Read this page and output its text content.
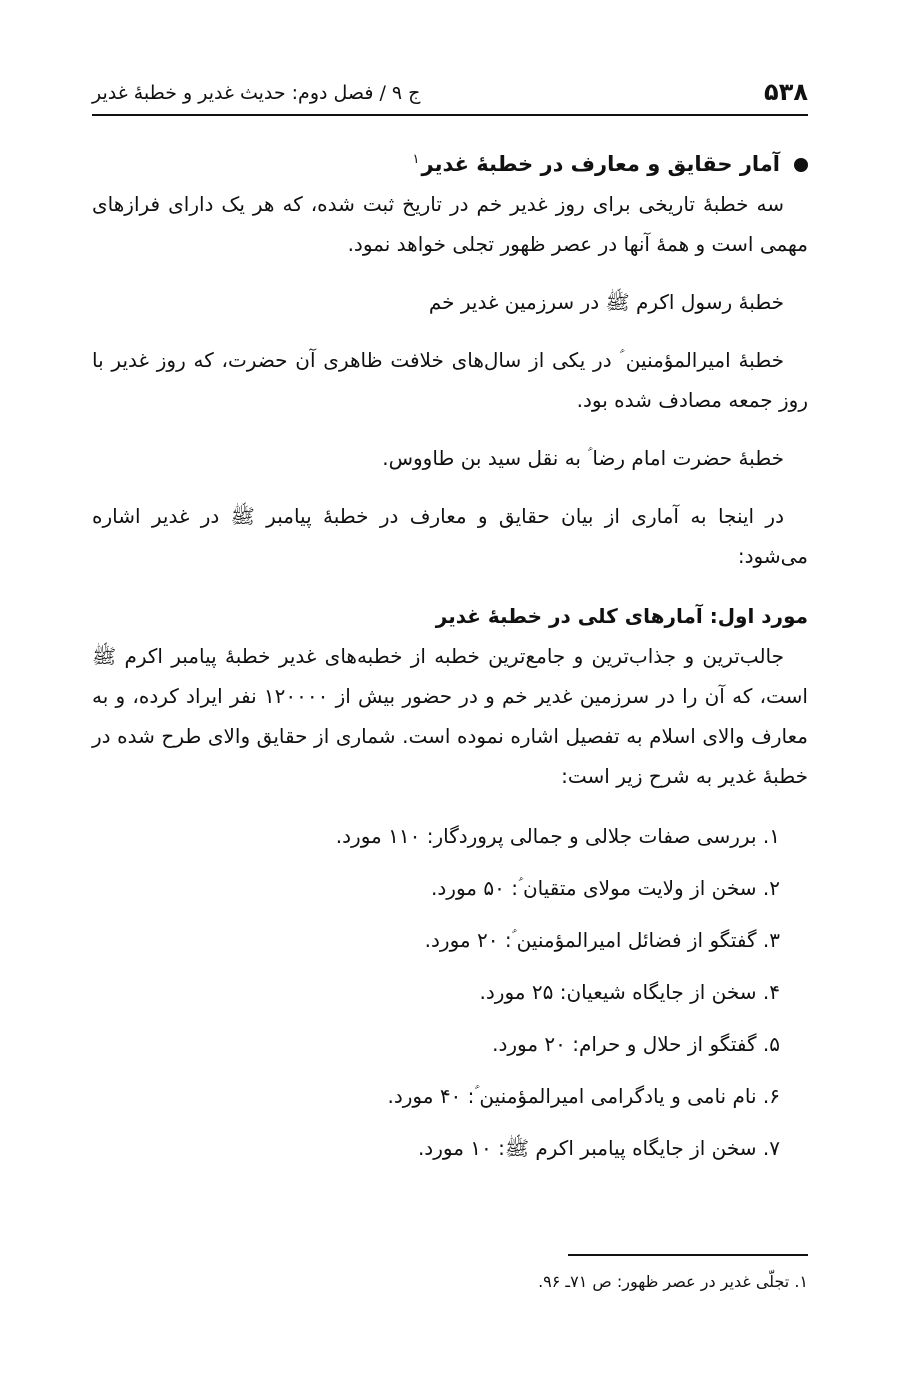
۵۳۸
ج ۹ / فصل دوم: حدیث غدیر و خطبهٔ غدیر
آمار حقایق و معارف در خطبهٔ غدیر$^۱$

سه خطبهٔ تاریخی برای روز غدیر خم در تاریخ ثبت شده، که هر یک دارای فرازهای مهمی است و همهٔ آنها در عصر ظهور تجلی خواهد نمود.

خطبهٔ رسول اکرم ﷺ در سرزمین غدیر خم

خطبهٔ امیرالمؤمنین ؑ در یکی از سال‌های خلافت ظاهری آن حضرت، که روز غدیر با روز جمعه مصادف شده بود.

خطبهٔ حضرت امام رضا ؑ به نقل سید بن طاووس.

در اینجا به آماری از بیان حقایق و معارف در خطبهٔ پیامبر ﷺ در غدیر اشاره می‌شود:

مورد اول: آمارهای کلی در خطبهٔ غدیر

جالب‌ترین و جذاب‌ترین و جامع‌ترین خطبه از خطبه‌های غدیر خطبهٔ پیامبر اکرم ﷺ است، که آن را در سرزمین غدیر خم و در حضور بیش از ۱۲۰۰۰۰ نفر ایراد کرده، و به معارف والای اسلام به تفصیل اشاره نموده است. شماری از حقایق والای طرح شده در خطبهٔ غدیر به شرح زیر است:

۱. بررسی صفات جلالی و جمالی پروردگار: ۱۱۰ مورد.
۲. سخن از ولایت مولای متقیان ؑ: ۵۰ مورد.
۳. گفتگو از فضائل امیرالمؤمنین ؑ: ۲۰ مورد.
۴. سخن از جایگاه شیعیان: ۲۵ مورد.
۵. گفتگو از حلال و حرام: ۲۰ مورد.
۶. نام نامی و یادگرامی امیرالمؤمنین ؑ: ۴۰ مورد.
۷. سخن از جایگاه پیامبر اکرم ﷺ: ۱۰ مورد.
۱. تجلّی غدیر در عصر ظهور: ص ۷۱ـ ۹۶.
